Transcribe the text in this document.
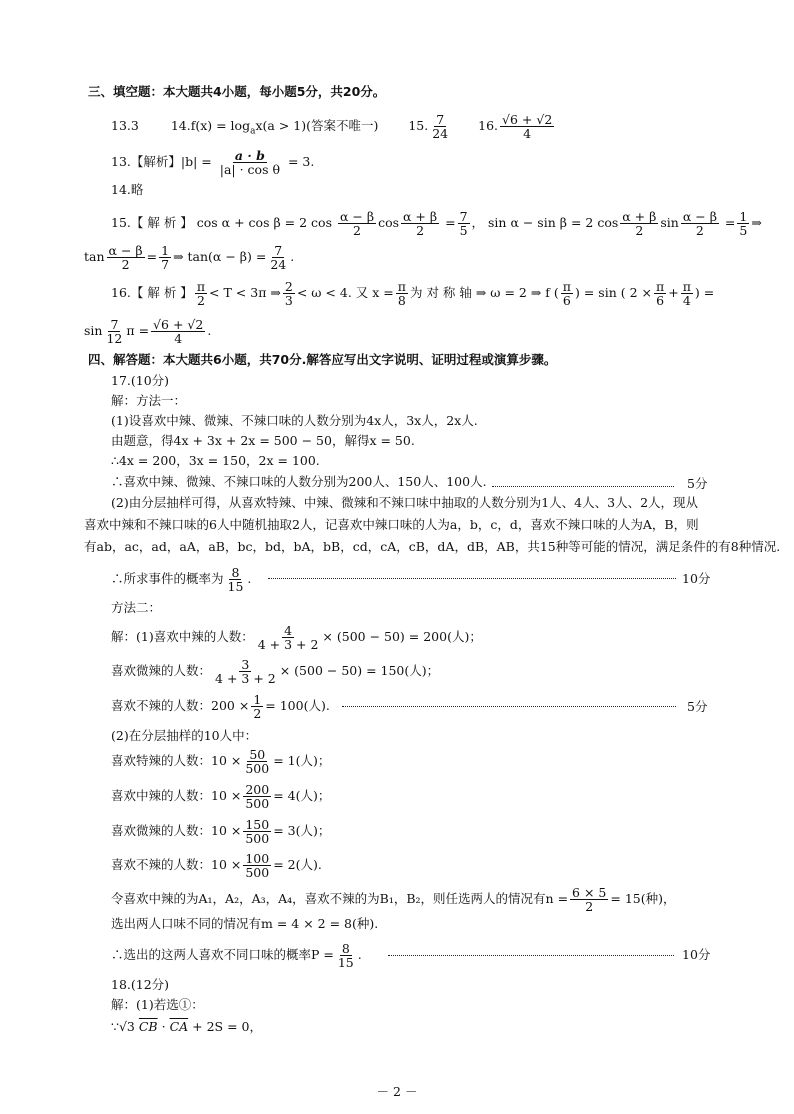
三、填空题：本大题共4小题，每小题5分，共20分。
13.3	$14.f(x) = \log_ax(a > 1)$(答案不唯一) 15. $\frac{7}{24} 16$. $\frac{√6 + √2}{4}$
13.【解析】$|b| = \frac{a \cdot b}{\text{|a| · cos θ}} = 3$.
14.略
15.【 解 析 】 cos α + cos β = 2 $\cos \frac{\alpha - \beta}{2}$ $\cos \frac{\alpha + \beta}{2} = \frac{7}{5}$ ， sin α − sin β = 2 $\cos \frac{\alpha + \beta}{2}$ $\sin \frac{\alpha - \beta}{2} = \frac{1}{5}$ ⇒
$\tan \frac{\alpha - \beta}{2} = \frac{1}{7}$ ⇒ $\tan(\alpha - \beta) = \frac{7}{24}$ .
16.【 解 析 】 $\frac{\pi}{2} < T < 3\pi$ ⇒ $\frac{2}{3} < \omega < 4$. 又 $x = \frac{\pi}{8}$ 为 对 称 轴 ⇒ ω = 2 ⇒ f ( $\frac{\pi}{6}$ ) = sin ( $2 \times \frac{\pi}{6} + \frac{\pi}{4}$ ) =
$\sin \frac{7}{12}$ $\pi = \frac{√6 + √2}{4}$ .
四、解答题：本大题共6小题，共70分.解答应写出文字说明、证明过程或演算步骤。
17.(10分)
解：方法一：
(1)设喜欢中辣、微辣、不辣口味的人数分别为4x人，3x人，2x人.
由题意，得4x + 3x + 2x = 500 − 50，解得x = 50.
∴4x = 200，3x = 150，2x = 100.
∴喜欢中辣、微辣、不辣口味的人数分别为200人、150人、100人.	5分
(2)由分层抽样可得，从喜欢特辣、中辣、微辣和不辣口味中抽取的人数分别为1人、4人、3人、2人，现从
喜欢中辣和不辣口味的6人中随机抽取2人，记喜欢中辣口味的人为a，b，c，d，喜欢不辣口味的人为A，B，则
有ab，ac，ad，aA，aB，bc，bd，bA，bB，cd，cA，cB，dA，dB，AB，共15种等可能的情况，满足条件的有8种情况.
∴所求事件的概率为 $\frac{8}{15}$ .	10分
方法二：
解：(1)喜欢中辣的人数： $\frac{4}{4 + 3 + 2} \times (500 - 50) = 200$(人)；
喜欢微辣的人数： $\frac{3}{4 + 3 + 2} \times (500 - 50) = 150$(人)；
喜欢不辣的人数：$200 \times \frac{1}{2} = 100$(人).	5分
(2)在分层抽样的10人中：
喜欢特辣的人数：$10 \times \frac{50}{500} = 1$(人)；
喜欢中辣的人数：$10 \times \frac{200}{500} = 4$(人)；
喜欢微辣的人数：$10 \times \frac{150}{500} = 3$(人)；
喜欢不辣的人数：$10 \times \frac{100}{500} = 2$(人).
令喜欢中辣的为A₁，A₂，A₃，A₄，喜欢不辣的为B₁，B₂，则任选两人的情况有$n = \frac{6 \times 5}{2} = 15$(种)，
选出两人口味不同的情况有m = 4 × 2 = 8(种).
∴选出的这两人喜欢不同口味的概率$P = \frac{8}{15}$ .	10分
18.(12分)
解：(1)若选①：
∵√3 $\overline{CB} \cdot \overline{CA} + 2S = 0$，
－ 2 －
